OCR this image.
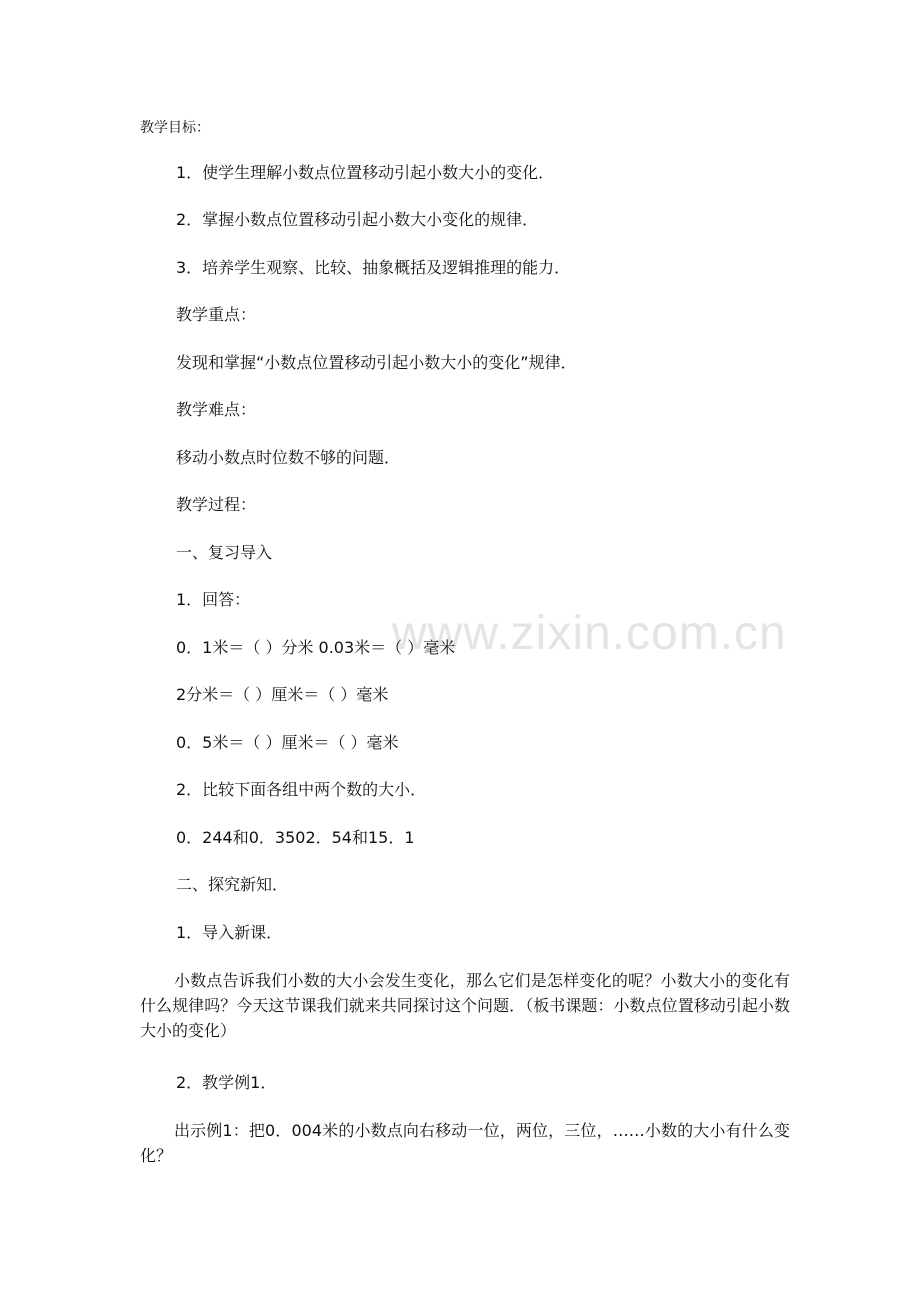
www.zixin.com.cn
教学目标：
1．使学生理解小数点位置移动引起小数大小的变化．
2．掌握小数点位置移动引起小数大小变化的规律．
3．培养学生观察、比较、抽象概括及逻辑推理的能力．
教学重点：
发现和掌握“小数点位置移动引起小数大小的变化”规律．
教学难点：
移动小数点时位数不够的问题．
教学过程：
一、复习导入
1．回答：
0．1米＝（ ）分米 0.03米＝（ ）毫米
2分米＝（ ）厘米＝（ ）毫米
0．5米＝（ ）厘米＝（ ）毫米
2．比较下面各组中两个数的大小．
0．244和0．3502．54和15．1
二、探究新知．
1．导入新课．
小数点告诉我们小数的大小会发生变化，那么它们是怎样变化的呢？小数大小的变化有什么规律吗？今天这节课我们就来共同探讨这个问题．（板书课题：小数点位置移动引起小数大小的变化）
2．教学例1．
出示例1：把0．004米的小数点向右移动一位，两位，三位，……小数的大小有什么变化？
